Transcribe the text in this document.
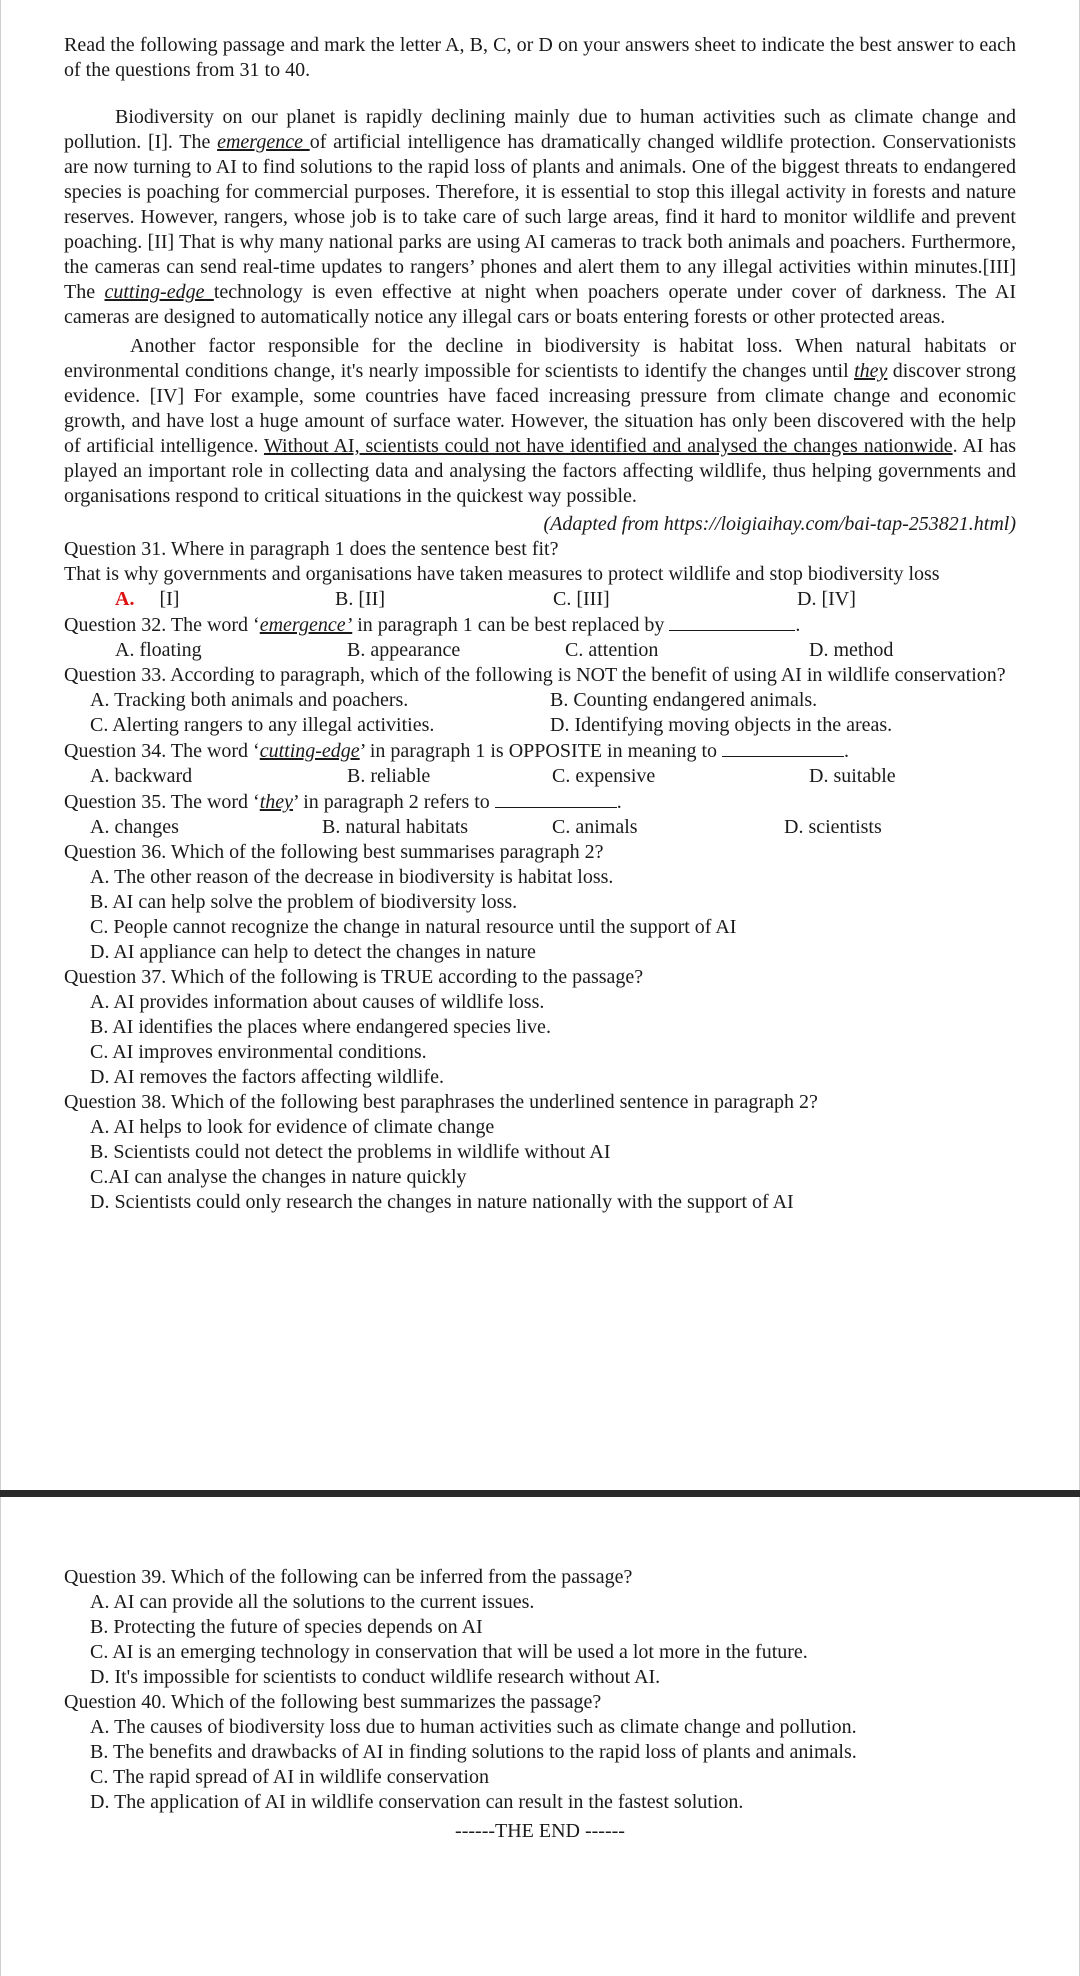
Read the following passage and mark the letter A, B, C, or D on your answers sheet to indicate the best answer to each of the questions from 31 to 40.

Biodiversity on our planet is rapidly declining mainly due to human activities such as climate change and pollution. [I]. The emergence of artificial intelligence has dramatically changed wildlife protection. Conservationists are now turning to AI to find solutions to the rapid loss of plants and animals. One of the biggest threats to endangered species is poaching for commercial purposes. Therefore, it is essential to stop this illegal activity in forests and nature reserves. However, rangers, whose job is to take care of such large areas, find it hard to monitor wildlife and prevent poaching. [II] That is why many national parks are using AI cameras to track both animals and poachers. Furthermore, the cameras can send real-time updates to rangers’ phones and alert them to any illegal activities within minutes.[III] The cutting-edge technology is even effective at night when poachers operate under cover of darkness. The AI cameras are designed to automatically notice any illegal cars or boats entering forests or other protected areas.

Another factor responsible for the decline in biodiversity is habitat loss. When natural habitats or environmental conditions change, it's nearly impossible for scientists to identify the changes until they discover strong evidence. [IV] For example, some countries have faced increasing pressure from climate change and economic growth, and have lost a huge amount of surface water. However, the situation has only been discovered with the help of artificial intelligence. Without AI, scientists could not have identified and analysed the changes nationwide. AI has played an important role in collecting data and analysing the factors affecting wildlife, thus helping governments and organisations respond to critical situations in the quickest way possible.

(Adapted from https://loigiaihay.com/bai-tap-253821.html)

Question 31. Where in paragraph 1 does the sentence best fit?

That is why governments and organisations have taken measures to protect wildlife and stop biodiversity loss

A. [I]	B. [II]	C. [III]	D. [IV]

Question 32. The word ‘emergence’ in paragraph 1 can be best replaced by	.

A. floating	B. appearance	C. attention	D. method

Question 33. According to paragraph, which of the following is NOT the benefit of using AI in wildlife conservation?

A. Tracking both animals and poachers.	B. Counting endangered animals.
C. Alerting rangers to any illegal activities.	D. Identifying moving objects in the areas.

Question 34. The word ‘cutting-edge’ in paragraph 1 is OPPOSITE in meaning to	.

A. backward	B. reliable	C. expensive	D. suitable

Question 35. The word ‘they’ in paragraph 2 refers to	.

A. changes	B. natural habitats	C. animals	D. scientists

Question 36. Which of the following best summarises paragraph 2?

A. The other reason of the decrease in biodiversity is habitat loss.
B. AI can help solve the problem of biodiversity loss.
C. People cannot recognize the change in natural resource until the support of AI
D. AI appliance can help to detect the changes in nature

Question 37. Which of the following is TRUE according to the passage?

A. AI provides information about causes of wildlife loss.
B. AI identifies the places where endangered species live.
C. AI improves environmental conditions.
D. AI removes the factors affecting wildlife.

Question 38. Which of the following best paraphrases the underlined sentence in paragraph 2?

A. AI helps to look for evidence of climate change
B. Scientists could not detect the problems in wildlife without AI
C.AI can analyse the changes in nature quickly
D. Scientists could only research the changes in nature nationally with the support of AI

Question 39. Which of the following can be inferred from the passage?

A. AI can provide all the solutions to the current issues.
B. Protecting the future of species depends on AI
C. AI is an emerging technology in conservation that will be used a lot more in the future.
D. It's impossible for scientists to conduct wildlife research without AI.

Question 40. Which of the following best summarizes the passage?

A. The causes of biodiversity loss due to human activities such as climate change and pollution.
B. The benefits and drawbacks of AI in finding solutions to the rapid loss of plants and animals.
C. The rapid spread of AI in wildlife conservation
D. The application of AI in wildlife conservation can result in the fastest solution.

------THE END ------
